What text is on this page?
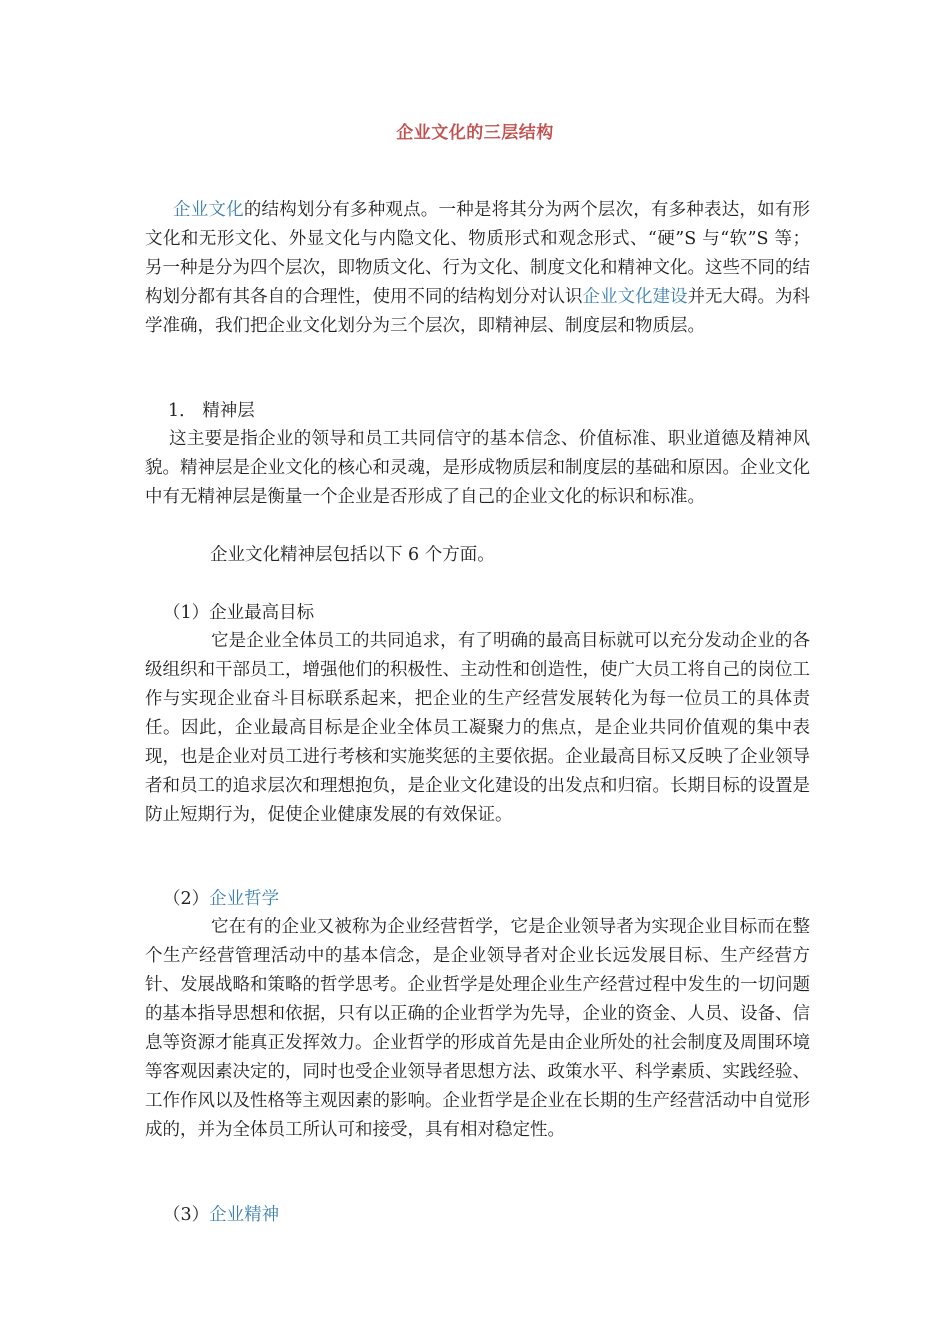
企业文化的三层结构
企业文化的结构划分有多种观点。一种是将其分为两个层次，有多种表达，如有形文化和无形文化、外显文化与内隐文化、物质形式和观念形式、“硬”S 与“软”S 等；另一种是分为四个层次，即物质文化、行为文化、制度文化和精神文化。这些不同的结构划分都有其各自的合理性，使用不同的结构划分对认识企业文化建设并无大碍。为科学准确，我们把企业文化划分为三个层次，即精神层、制度层和物质层。
1． 精神层
这主要是指企业的领导和员工共同信守的基本信念、价值标准、职业道德及精神风貌。精神层是企业文化的核心和灵魂，是形成物质层和制度层的基础和原因。企业文化中有无精神层是衡量一个企业是否形成了自己的企业文化的标识和标准。
企业文化精神层包括以下 6 个方面。
（1）企业最高目标
它是企业全体员工的共同追求，有了明确的最高目标就可以充分发动企业的各级组织和干部员工，增强他们的积极性、主动性和创造性，使广大员工将自己的岗位工作与实现企业奋斗目标联系起来，把企业的生产经营发展转化为每一位员工的具体责任。因此，企业最高目标是企业全体员工凝聚力的焦点，是企业共同价值观的集中表现，也是企业对员工进行考核和实施奖惩的主要依据。企业最高目标又反映了企业领导者和员工的追求层次和理想抱负，是企业文化建设的出发点和归宿。长期目标的设置是防止短期行为，促使企业健康发展的有效保证。
（2）企业哲学
它在有的企业又被称为企业经营哲学，它是企业领导者为实现企业目标而在整个生产经营管理活动中的基本信念，是企业领导者对企业长远发展目标、生产经营方针、发展战略和策略的哲学思考。企业哲学是处理企业生产经营过程中发生的一切问题的基本指导思想和依据，只有以正确的企业哲学为先导，企业的资金、人员、设备、信息等资源才能真正发挥效力。企业哲学的形成首先是由企业所处的社会制度及周围环境等客观因素决定的，同时也受企业领导者思想方法、政策水平、科学素质、实践经验、工作作风以及性格等主观因素的影响。企业哲学是企业在长期的生产经营活动中自觉形成的，并为全体员工所认可和接受，具有相对稳定性。
（3）企业精神
